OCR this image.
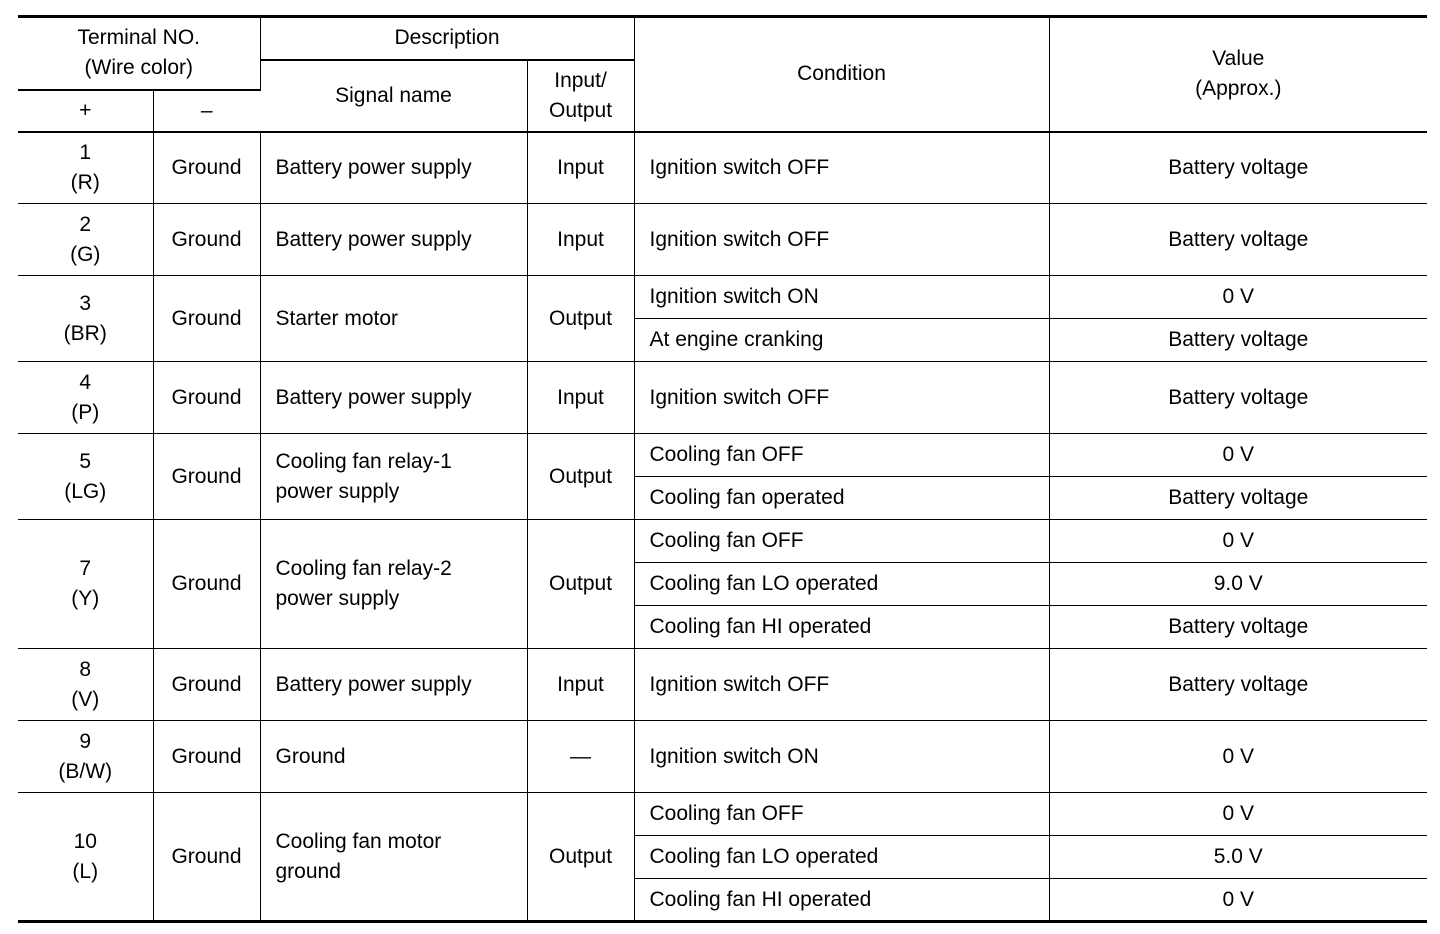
Terminal NO.
(Wire color)		Description		Condition	Value
(Approx.)
		Signal name	Input/
Output		
+	–				
1
(R)	Ground	Battery power supply	Input	Ignition switch OFF	Battery voltage
2
(G)	Ground	Battery power supply	Input	Ignition switch OFF	Battery voltage
3
(BR)	Ground	Starter motor	Output	Ignition switch ON	0 V
				At engine cranking	Battery voltage
4
(P)	Ground	Battery power supply	Input	Ignition switch OFF	Battery voltage
5
(LG)	Ground	Cooling fan relay-1
power supply	Output	Cooling fan OFF	0 V
				Cooling fan operated	Battery voltage
7
(Y)	Ground	Cooling fan relay-2
power supply	Output	Cooling fan OFF	0 V
				Cooling fan LO operated	9.0 V
				Cooling fan HI operated	Battery voltage
8
(V)	Ground	Battery power supply	Input	Ignition switch OFF	Battery voltage
9
(B/W)	Ground	Ground	—	Ignition switch ON	0 V
10
(L)	Ground	Cooling fan motor
ground	Output	Cooling fan OFF	0 V
				Cooling fan LO operated	5.0 V
				Cooling fan HI operated	0 V
